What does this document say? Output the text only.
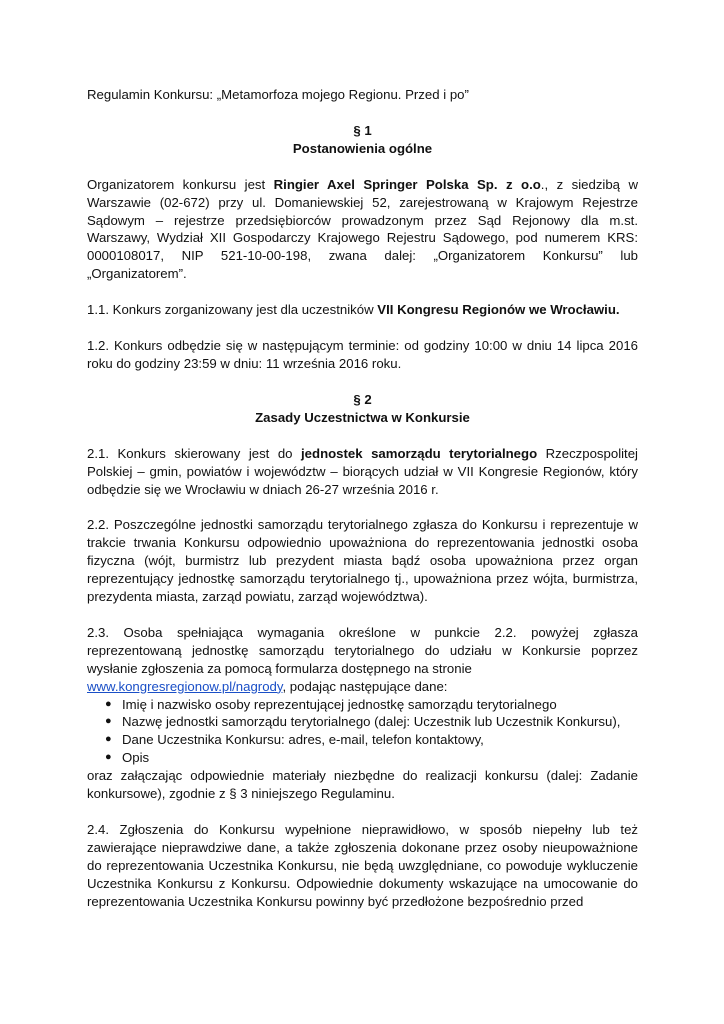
Regulamin Konkursu: „Metamorfoza mojego Regionu. Przed i po”

§ 1

Postanowienia ogólne

Organizatorem konkursu jest Ringier Axel Springer Polska Sp. z o.o., z siedzibą w Warszawie (02-672) przy ul. Domaniewskiej 52, zarejestrowaną w Krajowym Rejestrze Sądowym – rejestrze przedsiębiorców prowadzonym przez Sąd Rejonowy dla m.st. Warszawy, Wydział XII Gospodarczy Krajowego Rejestru Sądowego, pod numerem KRS: 0000108017, NIP 521-10-00-198, zwana dalej: „Organizatorem Konkursu” lub „Organizatorem”.

1.1. Konkurs zorganizowany jest dla uczestników VII Kongresu Regionów we Wrocławiu.

1.2. Konkurs odbędzie się w następującym terminie: od godziny 10:00 w dniu 14 lipca 2016 roku do godziny 23:59 w dniu: 11 września 2016 roku.

§ 2

Zasady Uczestnictwa w Konkursie

2.1. Konkurs skierowany jest do jednostek samorządu terytorialnego Rzeczpospolitej Polskiej – gmin, powiatów i województw – biorących udział w VII Kongresie Regionów, który odbędzie się we Wrocławiu w dniach 26-27 września 2016 r.

2.2. Poszczególne jednostki samorządu terytorialnego zgłasza do Konkursu i reprezentuje w trakcie trwania Konkursu odpowiednio upoważniona do reprezentowania jednostki osoba fizyczna (wójt, burmistrz lub prezydent miasta bądź osoba upoważniona przez organ reprezentujący jednostkę samorządu terytorialnego tj., upoważniona przez wójta, burmistrza, prezydenta miasta, zarząd powiatu, zarząd województwa).

2.3. Osoba spełniająca wymagania określone w punkcie 2.2. powyżej zgłasza reprezentowaną jednostkę samorządu terytorialnego do udziału w Konkursie poprzez wysłanie zgłoszenia za pomocą formularza dostępnego na stronie

www.kongresregionow.pl/nagrody, podając następujące dane:

● Imię i nazwisko osoby reprezentującej jednostkę samorządu terytorialnego
● Nazwę jednostki samorządu terytorialnego (dalej: Uczestnik lub Uczestnik Konkursu),
● Dane Uczestnika Konkursu: adres, e-mail, telefon kontaktowy,
● Opis

oraz załączając odpowiednie materiały niezbędne do realizacji konkursu (dalej: Zadanie konkursowe), zgodnie z § 3 niniejszego Regulaminu.

2.4. Zgłoszenia do Konkursu wypełnione nieprawidłowo, w sposób niepełny lub też zawierające nieprawdziwe dane, a także zgłoszenia dokonane przez osoby nieupoważnione do reprezentowania Uczestnika Konkursu, nie będą uwzględniane, co powoduje wykluczenie Uczestnika Konkursu z Konkursu. Odpowiednie dokumenty wskazujące na umocowanie do reprezentowania Uczestnika Konkursu powinny być przedłożone bezpośrednio przed
